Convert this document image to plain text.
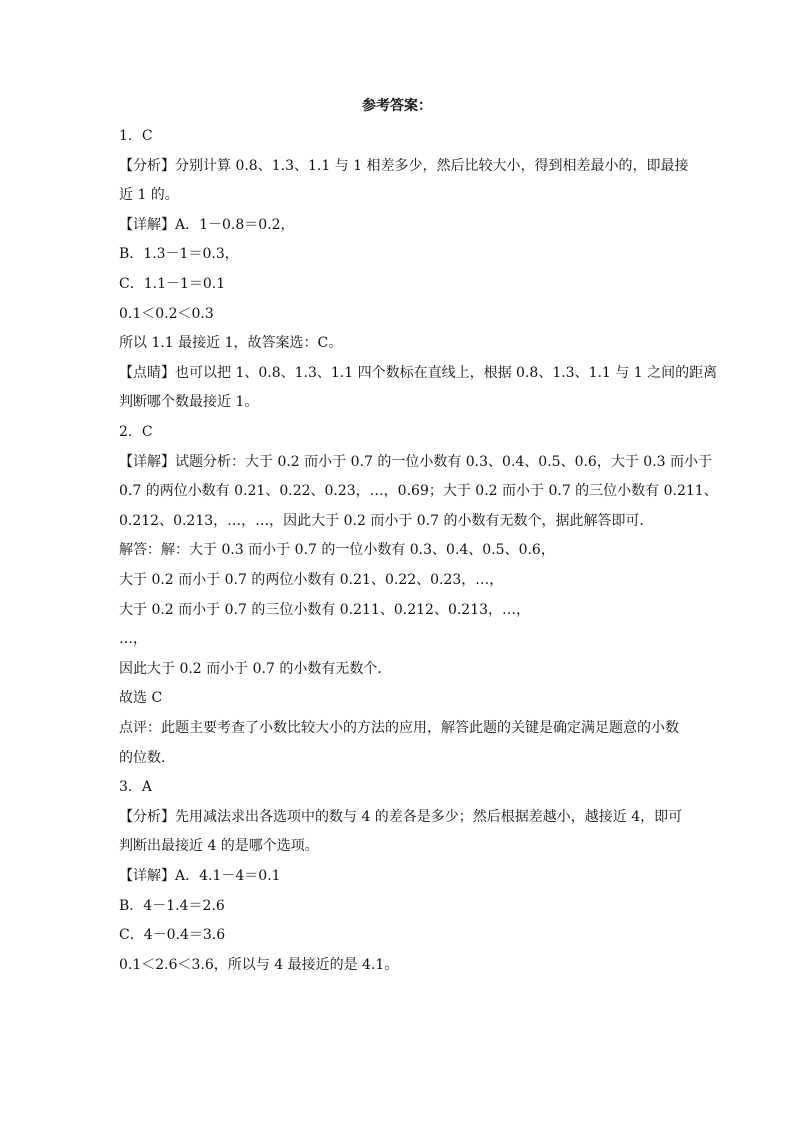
参考答案：
1．C
【分析】分别计算 0.8、1.3、1.1 与 1 相差多少，然后比较大小，得到相差最小的，即最接
近 1 的。
【详解】A．1－0.8＝0.2，
B．1.3－1＝0.3，
C．1.1－1＝0.1
0.1＜0.2＜0.3
所以 1.1 最接近 1，故答案选：C。
【点睛】也可以把 1、0.8、1.3、1.1 四个数标在直线上，根据 0.8、1.3、1.1 与 1 之间的距离
判断哪个数最接近 1。
2．C
【详解】试题分析：大于 0.2 而小于 0.7 的一位小数有 0.3、0.4、0.5、0.6，大于 0.3 而小于
0.7 的两位小数有 0.21、0.22、0.23，…，0.69；大于 0.2 而小于 0.7 的三位小数有 0.211、
0.212、0.213，…，…，因此大于 0.2 而小于 0.7 的小数有无数个，据此解答即可．
解答：解：大于 0.3 而小于 0.7 的一位小数有 0.3、0.4、0.5、0.6，
大于 0.2 而小于 0.7 的两位小数有 0.21、0.22、0.23，…，
大于 0.2 而小于 0.7 的三位小数有 0.211、0.212、0.213，…，
…，
因此大于 0.2 而小于 0.7 的小数有无数个．
故选 C
点评：此题主要考查了小数比较大小的方法的应用，解答此题的关键是确定满足题意的小数
的位数．
3．A
【分析】先用减法求出各选项中的数与 4 的差各是多少；然后根据差越小，越接近 4，即可
判断出最接近 4 的是哪个选项。
【详解】A．4.1－4＝0.1
B．4－1.4＝2.6
C．4－0.4＝3.6
0.1＜2.6＜3.6，所以与 4 最接近的是 4.1。
